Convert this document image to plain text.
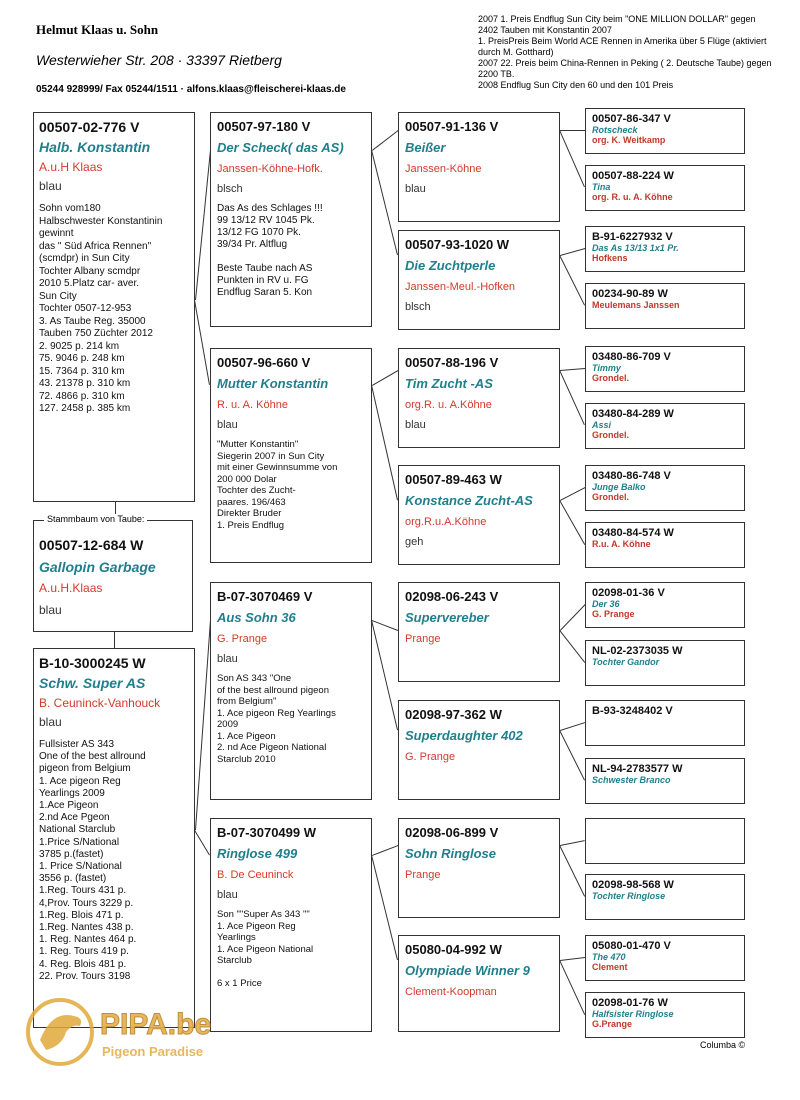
Helmut Klaas u. Sohn
Westerwieher Str. 208 · 33397 Rietberg
05244 928999/ Fax 05244/1511 · alfons.klaas@fleischerei-klaas.de
2007 1. Preis Endflug Sun City beim "ONE MILLION DOLLAR" gegen 2402 Tauben mit Konstantin 2007
1. PreisPreis Beim World ACE Rennen in Amerika über 5 Flüge (aktiviert durch M. Gotthard)
2007 22. Preis beim China-Rennen in Peking ( 2. Deutsche Taube) gegen 2200 TB.
2008 Endflug Sun City den 60 und den 101 Preis
00507-02-776 V
Halb. Konstantin
A.u.H Klaas
blau
Sohn vom180
Halbschwester Konstantinin
gewinnt
das " Süd Africa Rennen"
(scmdpr) in Sun City
Tochter Albany scmdpr
2010 5.Platz car- aver.
Sun City
Tochter 0507-12-953
3. As Taube Reg. 35000
Tauben 750 Züchter 2012
2. 9025 p. 214 km
75. 9046 p. 248 km
15. 7364 p. 310 km
43. 21378 p. 310 km
72. 4866 p. 310 km
127. 2458 p. 385 km
00507-12-684 W
Gallopin Garbage
A.u.H.Klaas
blau
Stammbaum von Taube:
B-10-3000245 W
Schw. Super AS
B. Ceuninck-Vanhouck
blau
Fullsister AS 343
One of the best allround
pigeon from Belgium
1. Ace pigeon Reg
Yearlings 2009
1.Ace Pigeon
2.nd Ace Pgeon
National Starclub
1.Price S/National
3785 p.(fastet)
1. Price S/National
3556 p. (fastet)
1.Reg. Tours 431 p.
4,Prov. Tours 3229 p.
1.Reg. Blois 471 p.
1.Reg. Nantes 438 p.
1. Reg. Nantes 464 p.
1. Reg. Tours 419 p.
4. Reg. Blois 481 p.
22. Prov. Tours 3198
00507-97-180 V
Der Scheck( das AS)
Janssen-Köhne-Hofk.
blsch
Das As des Schlages !!!
99 13/12 RV 1045 Pk.
13/12 FG 1070 Pk.
39/34 Pr. Altflug

Beste Taube nach AS
Punkten in RV u. FG
Endflug Saran 5. Kon
00507-96-660 V
Mutter Konstantin
R. u. A. Köhne
blau
"Mutter Konstantin"
Siegerin 2007 in Sun City
mit einer Gewinnsumme von
200 000 Dolar
Tochter des Zucht-
paares. 196/463
Direkter Bruder
1. Preis Endflug
B-07-3070469 V
Aus Sohn 36
G. Prange
blau
Son AS 343 "One
of the best allround pigeon
from Belgium"
1. Ace pigeon Reg Yearlings
2009
1. Ace Pigeon
2. nd Ace Pigeon National
Starclub 2010
B-07-3070499 W
Ringlose 499
B. De Ceuninck
blau
Son ""Super As 343 ""
1. Ace Pigeon Reg
Yearlings
1. Ace Pigeon National
Starclub

6 x 1 Price
00507-91-136 V
Beißer
Janssen-Köhne
blau
00507-93-1020 W
Die Zuchtperle
Janssen-Meul.-Hofken
blsch
00507-88-196 V
Tim Zucht -AS
org.R. u. A.Köhne
blau
00507-89-463 W
Konstance Zucht-AS
org.R.u.A.Köhne
geh
02098-06-243 V
Supervereber
Prange
02098-97-362 W
Superdaughter 402
G. Prange
02098-06-899 V
Sohn Ringlose
Prange
05080-04-992 W
Olympiade Winner 9
Clement-Koopman
00507-86-347 V
Rotscheck
org. K. Weitkamp
00507-88-224 W
Tina
org. R. u. A. Köhne
B-91-6227932 V
Das As 13/13 1x1 Pr.
Hofkens
00234-90-89 W
Meulemans Janssen
03480-86-709 V
Timmy
Grondel.
03480-84-289 W
Assi
Grondel.
03480-86-748 V
Junge Balko
Grondel.
03480-84-574 W
R.u. A. Köhne
02098-01-36 V
Der 36
G. Prange
NL-02-2373035 W
Tochter Gandor
B-93-3248402 V
NL-94-2783577 W
Schwester Branco
02098-98-568 W
Tochter Ringlose
05080-01-470 V
The 470
Clement
02098-01-76 W
Halfsister Ringlose
G.Prange
PIPA.be
Pigeon Paradise	Columba ©
